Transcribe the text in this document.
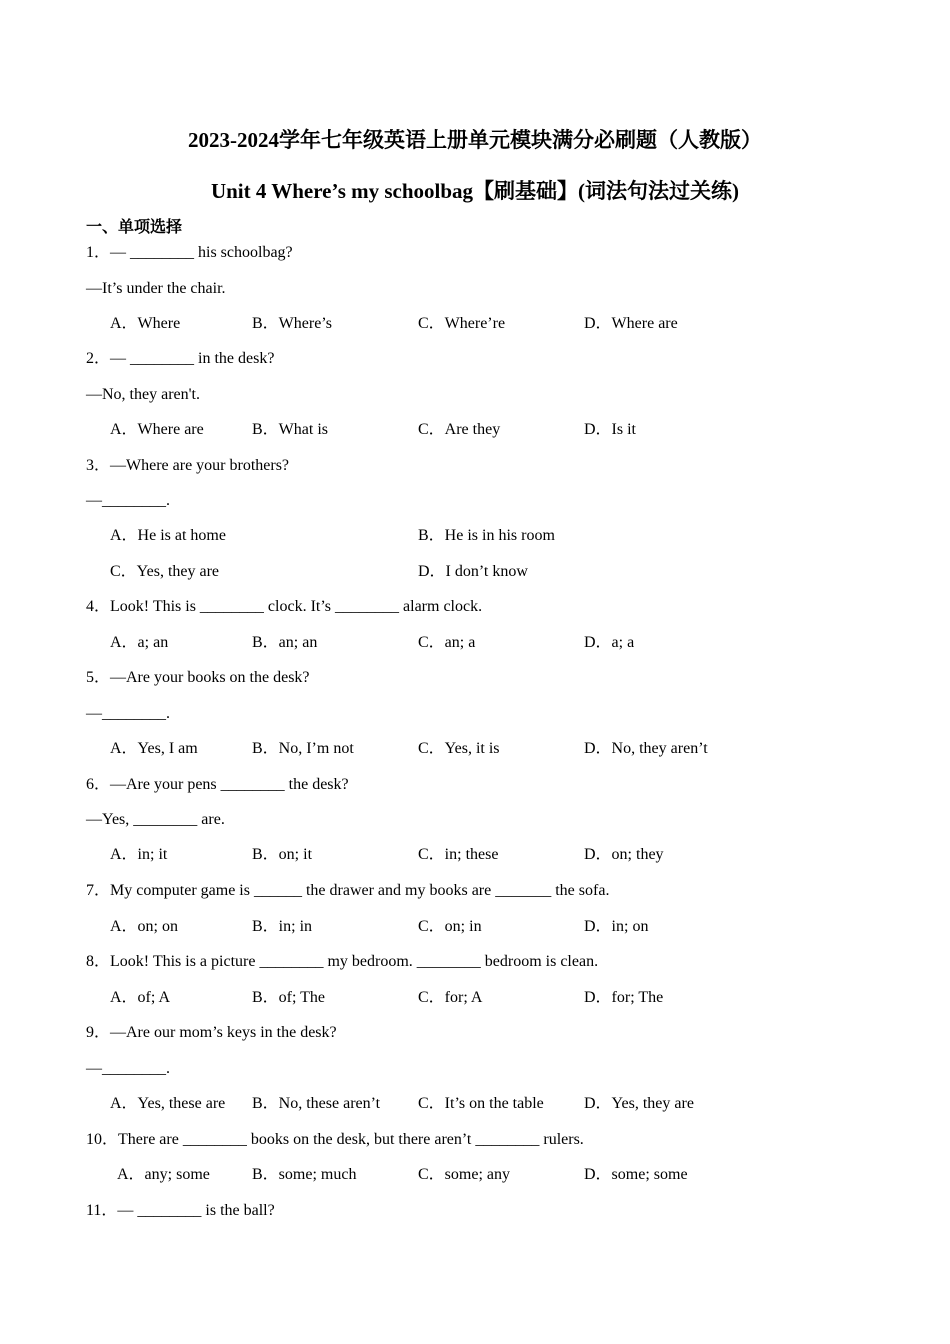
2023-2024学年七年级英语上册单元模块满分必刷题（人教版）
Unit 4 Where’s my schoolbag【刷基础】(词法句法过关练)
一、单项选择
1．— ________ his schoolbag?
—It’s under the chair.
A．Where	B．Where’s	C．Where’re	D．Where are
2．— ________ in the desk?
—No, they aren't.
A．Where are	B．What is	C．Are they	D．Is it
3．—Where are your brothers?
—________.
A．He is at home	B．He is in his room
C．Yes, they are	D．I don’t know
4．Look! This is ________ clock. It’s ________ alarm clock.
A．a; an	B．an; an	C．an; a	D．a; a
5．—Are your books on the desk?
—________.
A．Yes, I am	B．No, I’m not	C．Yes, it is	D．No, they aren’t
6．—Are your pens ________ the desk?
—Yes, ________ are.
A．in; it	B．on; it	C．in; these	D．on; they
7．My computer game is ______ the drawer and my books are _______ the sofa.
A．on; on	B．in; in	C．on; in	D．in; on
8．Look! This is a picture ________ my bedroom. ________ bedroom is clean.
A．of; A	B．of; The	C．for; A	D．for; The
9．—Are our mom’s keys in the desk?
—________.
A．Yes, these are B．No, these aren’t C．It’s on the table	D．Yes, they are
10．There are ________ books on the desk, but there aren’t ________ rulers.
A．any; some	B．some; much	C．some; any	D．some; some
11．— ________ is the ball?
